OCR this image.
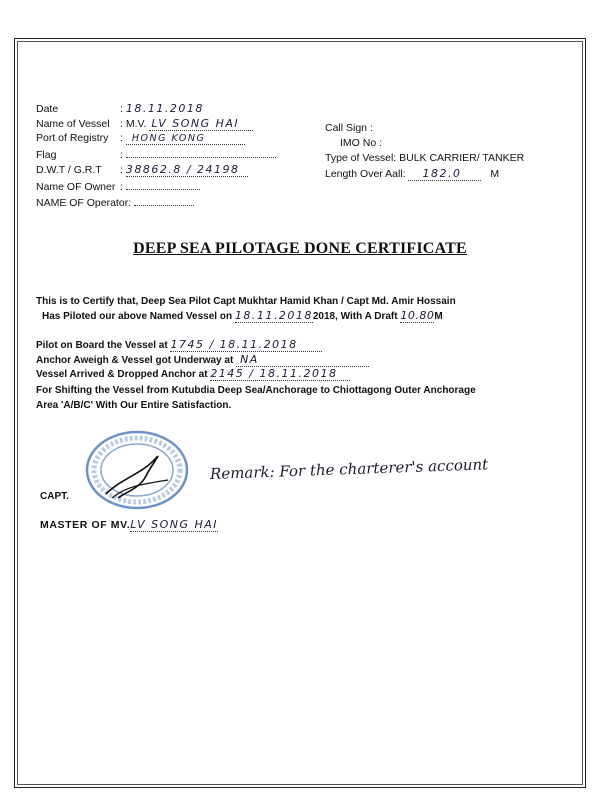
Date	: 18.11.2018
Name of Vessel : M.V. LV SONG HAI
Port of Registry : HONG KONG
Flag	:
D.W.T / G.R.T : 38862.8 / 24198
Name OF Owner :
NAME OF Operator:
Call Sign :
IMO No :
Type of Vessel: BULK CARRIER/ TANKER
Length Over Aall: 182.0	M
DEEP SEA PILOTAGE DONE CERTIFICATE
This is to Certify that, Deep Sea Pilot Capt Mukhtar Hamid Khan / Capt Md. Amir Hossain
Has Piloted our above Named Vessel on 18.11.20182018, With A Draft 10.80M
Pilot on Board the Vessel at 1745 / 18.11.2018
Anchor Aweigh & Vessel got Underway at NA
Vessel Arrived & Dropped Anchor at 2145 / 18.11.2018
For Shifting the Vessel from Kutubdia Deep Sea/Anchorage to Chiottagong Outer Anchorage
Area 'A/B/C' With Our Entire Satisfaction.
CAPT.
Remark: For the charterer's account
MASTER OF MV.LV SONG HAI
